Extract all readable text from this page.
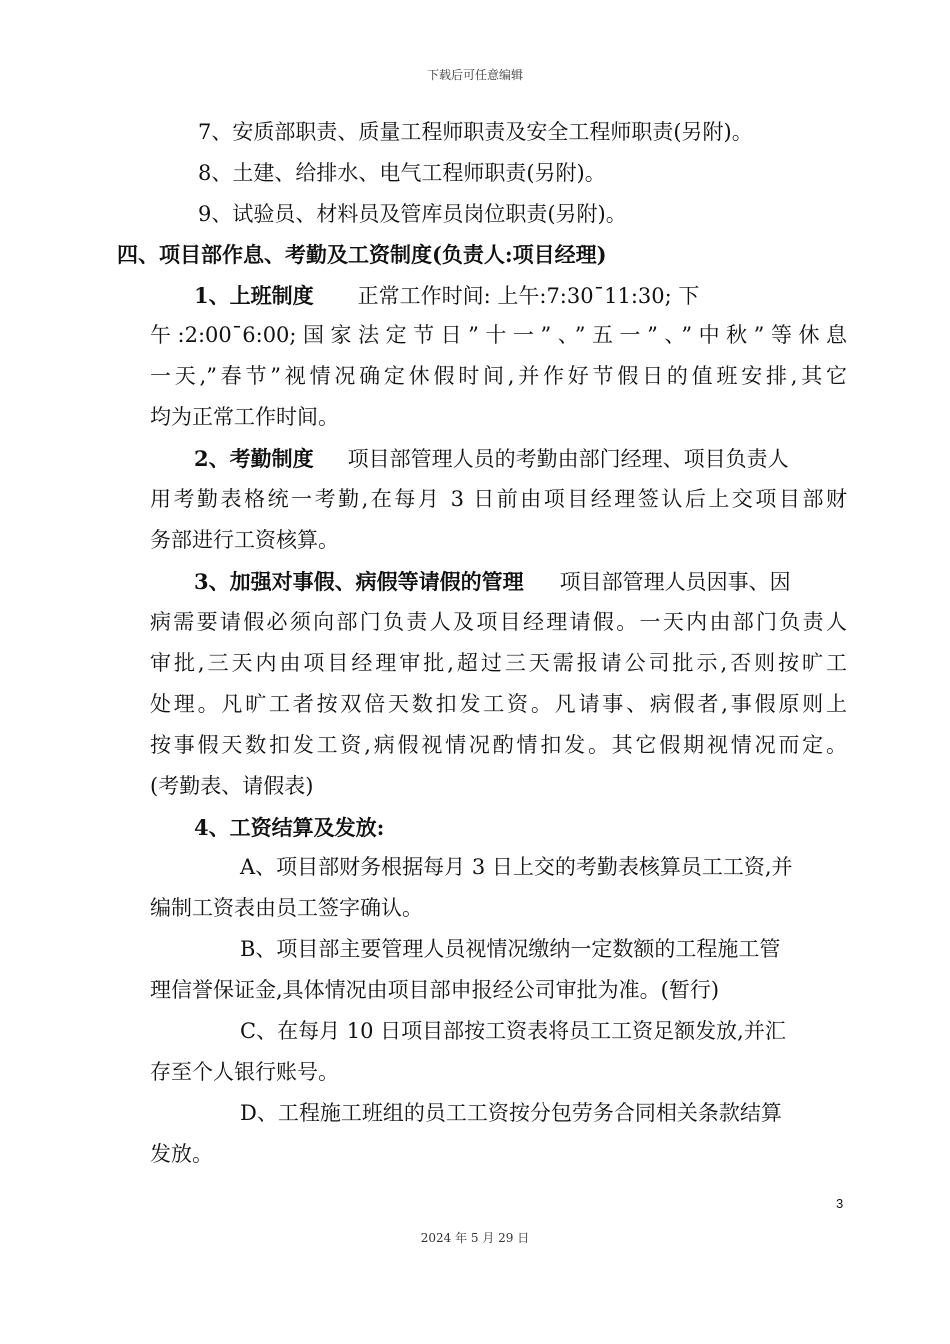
下载后可任意编辑
7、安质部职责、质量工程师职责及安全工程师职责(另附)。
8、土建、给排水、电气工程师职责(另附)。
9、试验员、材料员及管库员岗位职责(另附)。
四、项目部作息、考勤及工资制度(负责人:项目经理)
1、上班制度 正常工作时间: 上午:7:30¯11:30; 下
午:2:00¯6:00;国家法定节日”十一”、”五一”、”中秋”等休息
一天,”春节”视情况确定休假时间,并作好节假日的值班安排,其它
均为正常工作时间。
2、考勤制度 项目部管理人员的考勤由部门经理、项目负责人
用考勤表格统一考勤,在每月 3 日前由项目经理签认后上交项目部财
务部进行工资核算。
3、加强对事假、病假等请假的管理 项目部管理人员因事、因
病需要请假必须向部门负责人及项目经理请假。一天内由部门负责人
审批,三天内由项目经理审批,超过三天需报请公司批示,否则按旷工
处理。凡旷工者按双倍天数扣发工资。凡请事、病假者,事假原则上
按事假天数扣发工资,病假视情况酌情扣发。其它假期视情况而定。
(考勤表、请假表)
4、工资结算及发放:
A、项目部财务根据每月 3 日上交的考勤表核算员工工资,并
编制工资表由员工签字确认。
B、项目部主要管理人员视情况缴纳一定数额的工程施工管
理信誉保证金,具体情况由项目部申报经公司审批为准。(暂行)
C、在每月 10 日项目部按工资表将员工工资足额发放,并汇
存至个人银行账号。
D、工程施工班组的员工工资按分包劳务合同相关条款结算
发放。
3
2024 年 5 月 29 日
